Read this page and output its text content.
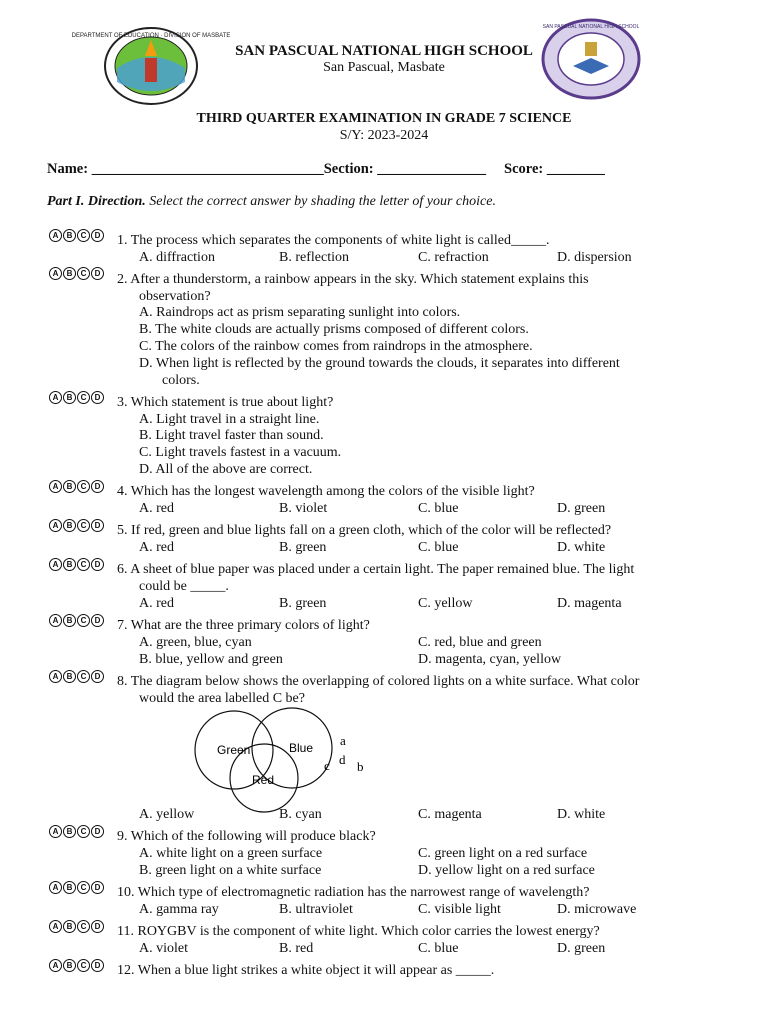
DEPARTMENT OF EDUCATION · DIVISION OF MASBATE
SAN PASCUAL NATIONAL HIGH SCHOOL
SAN PASCUAL NATIONAL HIGH SCHOOL
San Pascual, Masbate
THIRD QUARTER EXAMINATION IN GRADE 7 SCIENCE
S/Y: 2023-2024
Name: ________________________________Section: _______________ Score: ________
Part I. Direction. Select the correct answer by shading the letter of your choice.
A	B	C	D 1. The process which separates the components of white light is called_____.
A. diffraction	B. reflection	C. refraction	D. dispersion
A	B	C	D 2. After a thunderstorm, a rainbow appears in the sky. Which statement explains this
observation?
A. Raindrops act as prism separating sunlight into colors.
B. The white clouds are actually prisms composed of different colors.
C. The colors of the rainbow comes from raindrops in the atmosphere.
D. When light is reflected by the ground towards the clouds, it separates into different
colors.
A	B	C	D 3. Which statement is true about light?
A. Light travel in a straight line.
B. Light travel faster than sound.
C. Light travels fastest in a vacuum.
D. All of the above are correct.
A	B	C	D 4. Which has the longest wavelength among the colors of the visible light?
A. red	B. violet	C. blue	D. green
A	B	C	D 5. If red, green and blue lights fall on a green cloth, which of the color will be reflected?
A. red	B. green	C. blue	D. white
A	B	C	D 6. A sheet of blue paper was placed under a certain light. The paper remained blue. The light
could be _____.
A. red	B. green	C. yellow	D. magenta
A	B	C	D 7. What are the three primary colors of light?
A. green, blue, cyan	C. red, blue and green
B. blue, yellow and green	D. magenta, cyan, yellow
A	B	C	D 8. The diagram below shows the overlapping of colored lights on a white surface. What color
would the area labelled C be?
Green	Blue
Red
a
d
c b
A. yellow	B. cyan	C. magenta	D. white
A	B	C	D 9. Which of the following will produce black?
A. white light on a green surface	C. green light on a red surface
B. green light on a white surface	D. yellow light on a red surface
A	B	C	D 10. Which type of electromagnetic radiation has the narrowest range of wavelength?
A. gamma ray	B. ultraviolet	C. visible light	D. microwave
A	B	C	D 11. ROYGBV is the component of white light. Which color carries the lowest energy?
A. violet	B. red	C. blue	D. green
A	B	C	D 12. When a blue light strikes a white object it will appear as _____.
